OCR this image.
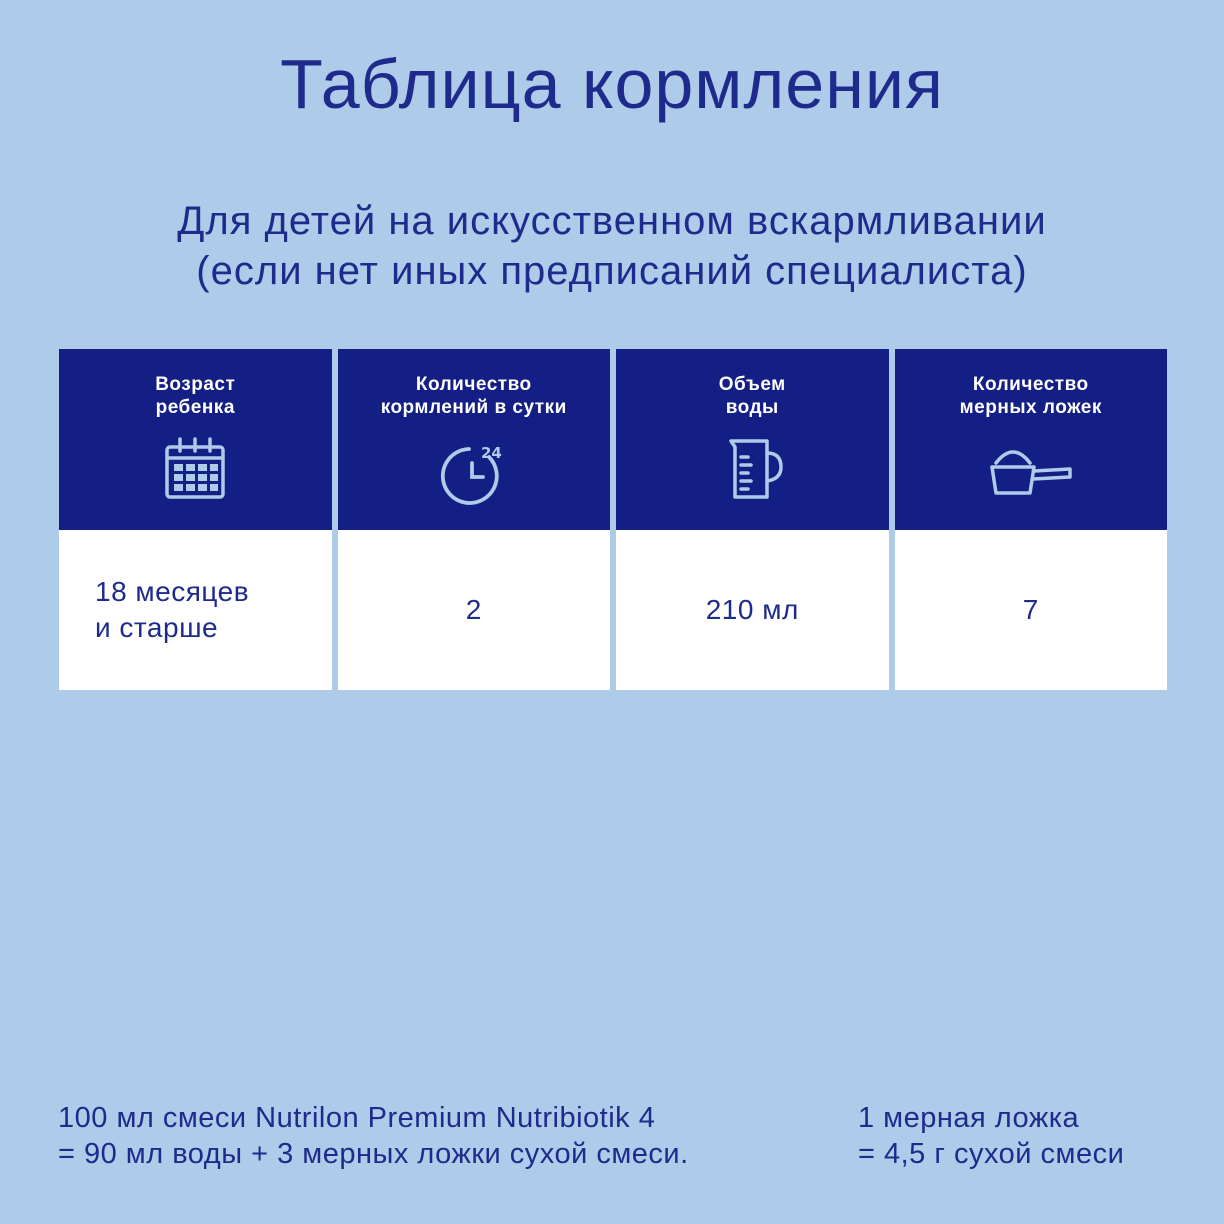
Таблица кормления
Для детей на искусственном вскармливании
(если нет иных предписаний специалиста)
Возраст
ребенка
18 месяцев
и старше
Количество
кормлений в сутки
24
2
Объем
воды
210 мл
Количество
мерных ложек
7
100 мл смеси Nutrilon Premium Nutribiotik 4
= 90 мл воды + 3 мерных ложки сухой смеси.
1 мерная ложка
= 4,5 г сухой смеси
